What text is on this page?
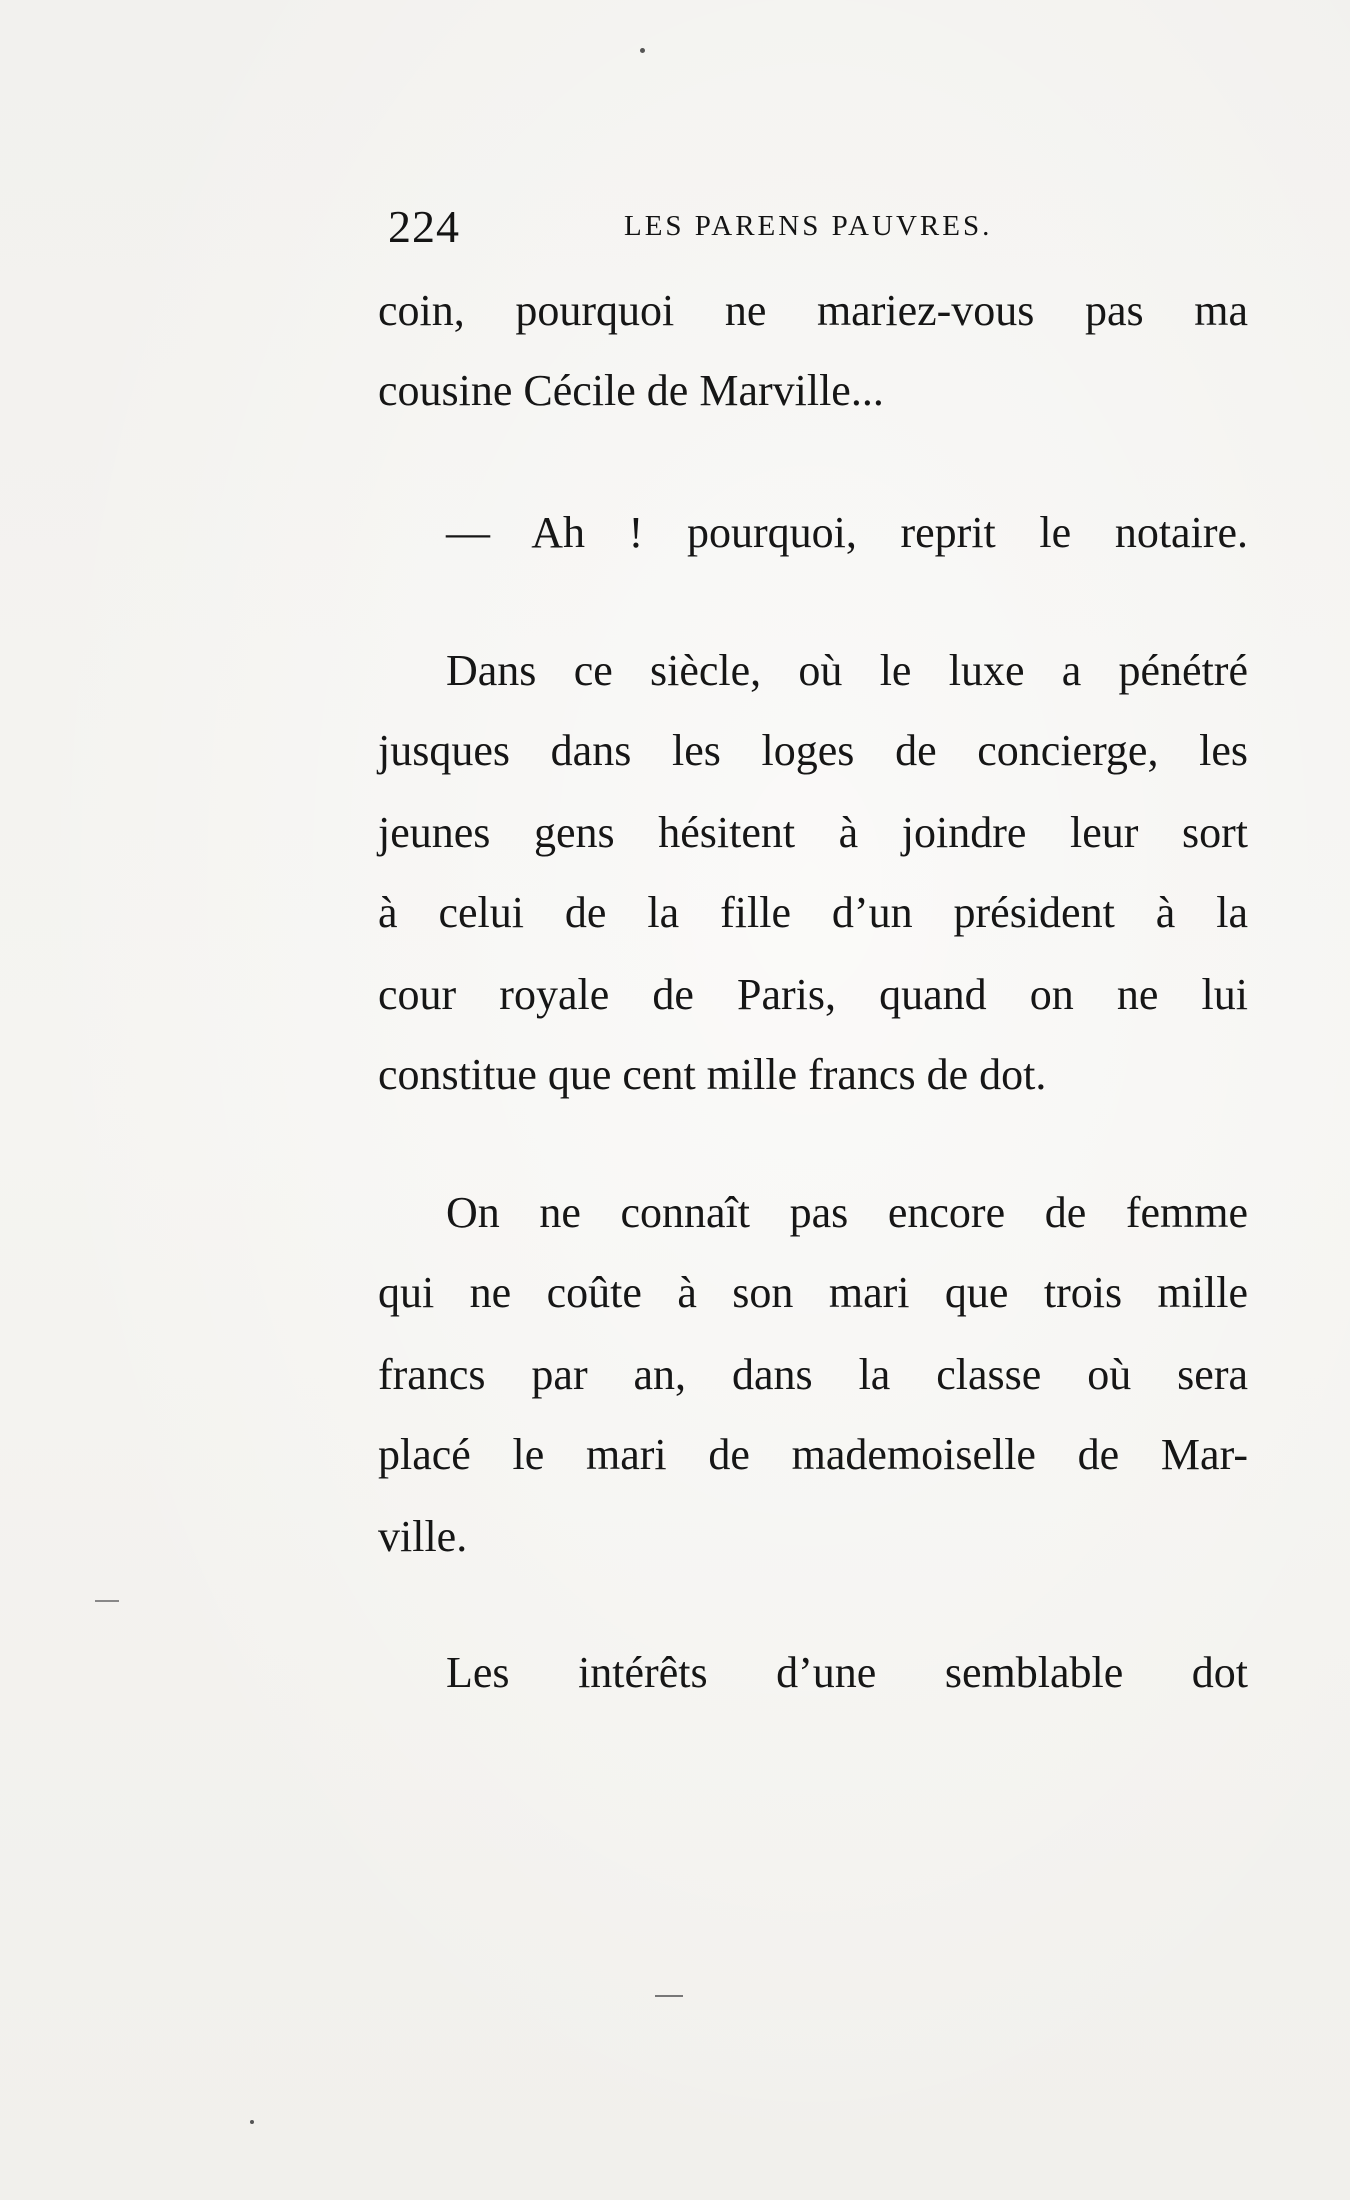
224	LES PARENS PAUVRES.
coin, pourquoi ne mariez-vous pas ma
cousine Cécile de Marville...
— Ah ! pourquoi, reprit le notaire.
Dans ce siècle, où le luxe a pénétré
jusques dans les loges de concierge, les
jeunes gens hésitent à joindre leur sort
à celui de la fille d’un président à la
cour royale de Paris, quand on ne lui
constitue que cent mille francs de dot.
On ne connaît pas encore de femme
qui ne coûte à son mari que trois mille
francs par an, dans la classe où sera
placé le mari de mademoiselle de Mar-
ville.
Les intérêts d’une semblable dot
